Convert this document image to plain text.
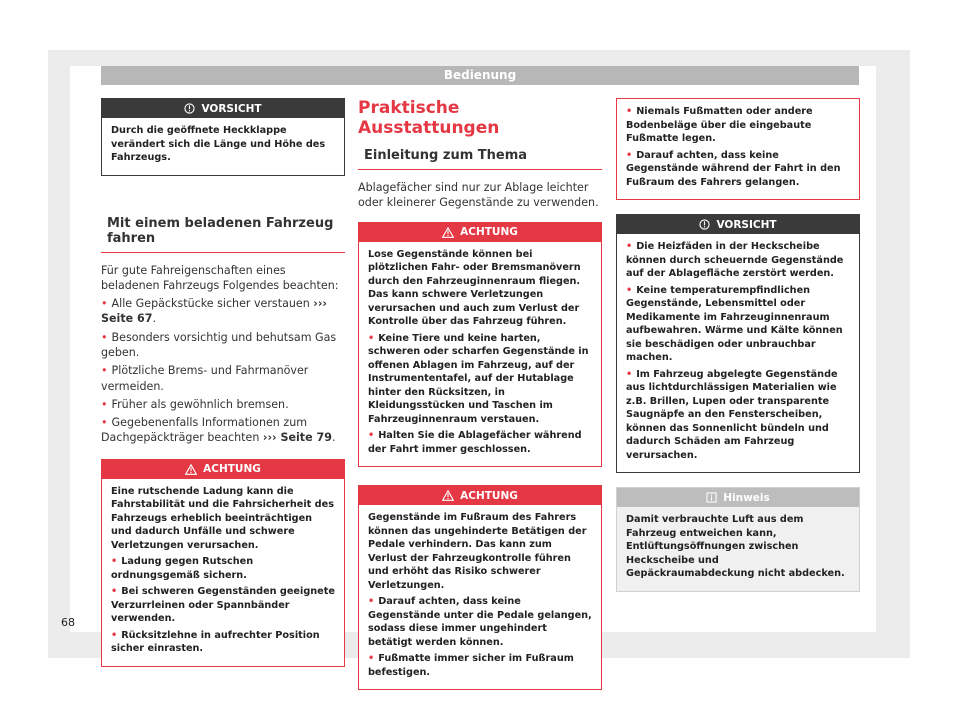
Bedienung
VORSICHT

Durch die geöffnete Heckklappe verändert sich die Länge und Höhe des Fahrzeugs.

Mit einem beladenen Fahrzeug fahren

Für gute Fahreigenschaften eines beladenen Fahrzeugs Folgendes beachten:

• Alle Gepäckstücke sicher verstauen ››› Seite 67.

• Besonders vorsichtig und behutsam Gas geben.

• Plötzliche Brems- und Fahrmanöver vermeiden.

• Früher als gewöhnlich bremsen.

• Gegebenenfalls Informationen zum Dachgepäckträger beachten ››› Seite 79.

ACHTUNG

Eine rutschende Ladung kann die Fahrstabilität und die Fahrsicherheit des Fahrzeugs erheblich beeinträchtigen und dadurch Unfälle und schwere Verletzungen verursachen.

• Ladung gegen Rutschen ordnungsgemäß sichern.

• Bei schweren Gegenständen geeignete Verzurrleinen oder Spannbänder verwenden.

• Rücksitzlehne in aufrechter Position sicher einrasten.

Praktische Ausstattungen
Einleitung zum Thema

Ablagefächer sind nur zur Ablage leichter oder kleinerer Gegenstände zu verwenden.

ACHTUNG

Lose Gegenstände können bei plötzlichen Fahr- oder Bremsmanövern durch den Fahrzeuginnenraum fliegen. Das kann schwere Verletzungen verursachen und auch zum Verlust der Kontrolle über das Fahrzeug führen.

• Keine Tiere und keine harten, schweren oder scharfen Gegenstände in offenen Ablagen im Fahrzeug, auf der Instrumententafel, auf der Hutablage hinter den Rücksitzen, in Kleidungsstücken und Taschen im Fahrzeuginnenraum verstauen.

• Halten Sie die Ablagefächer während der Fahrt immer geschlossen.

ACHTUNG

Gegenstände im Fußraum des Fahrers können das ungehinderte Betätigen der Pedale verhindern. Das kann zum Verlust der Fahrzeugkontrolle führen und erhöht das Risiko schwerer Verletzungen.

• Darauf achten, dass keine Gegenstände unter die Pedale gelangen, sodass diese immer ungehindert betätigt werden können.

• Fußmatte immer sicher im Fußraum befestigen.

• Niemals Fußmatten oder andere Bodenbeläge über die eingebaute Fußmatte legen.

• Darauf achten, dass keine Gegenstände während der Fahrt in den Fußraum des Fahrers gelangen.

VORSICHT

• Die Heizfäden in der Heckscheibe können durch scheuernde Gegenstände auf der Ablagefläche zerstört werden.

• Keine temperaturempfindlichen Gegenstände, Lebensmittel oder Medikamente im Fahrzeuginnenraum aufbewahren. Wärme und Kälte können sie beschädigen oder unbrauchbar machen.

• Im Fahrzeug abgelegte Gegenstände aus lichtdurchlässigen Materialien wie z.B. Brillen, Lupen oder transparente Saugnäpfe an den Fensterscheiben, können das Sonnenlicht bündeln und dadurch Schäden am Fahrzeug verursachen.

Hinweis

Damit verbrauchte Luft aus dem Fahrzeug entweichen kann, Entlüftungsöffnungen zwischen Heckscheibe und Gepäckraumabdeckung nicht abdecken.

68
